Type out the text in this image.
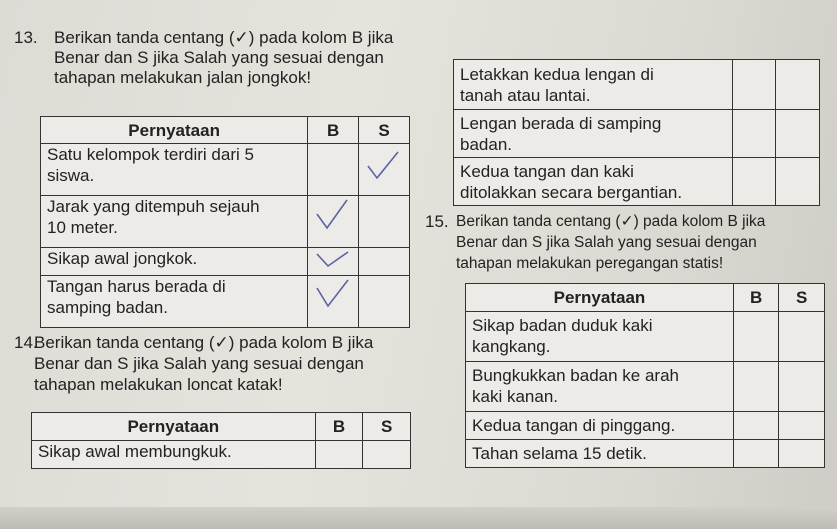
13. Berikan tanda centang (✓) pada kolom B jika
Benar dan S jika Salah yang sesuai dengan
tahapan melakukan jalan jongkok!
Pernyataan	B	S

Satu kelompok terdiri dari 5
siswa.

Jarak yang ditempuh sejauh
10 meter.

Sikap awal jongkok.

Tangan harus berada di
samping badan.

14.
Berikan tanda centang (✓) pada kolom B jika
Benar dan S jika Salah yang sesuai dengan
tahapan melakukan loncat katak!
Pernyataan	B	S
Sikap awal membungkuk.		
Letakkan kedua lengan di
tanah atau lantai.		

Lengan berada di samping
badan.		

Kedua tangan dan kaki
ditolakkan secara bergantian.		

15. Berikan tanda centang (✓) pada kolom B jika
Benar dan S jika Salah yang sesuai dengan
tahapan melakukan peregangan statis!
Pernyataan	B	S

Sikap badan duduk kaki
kangkang.		

Bungkukkan badan ke arah
kaki kanan.		

Kedua tangan di pinggang.		
Tahan selama 15 detik.		
